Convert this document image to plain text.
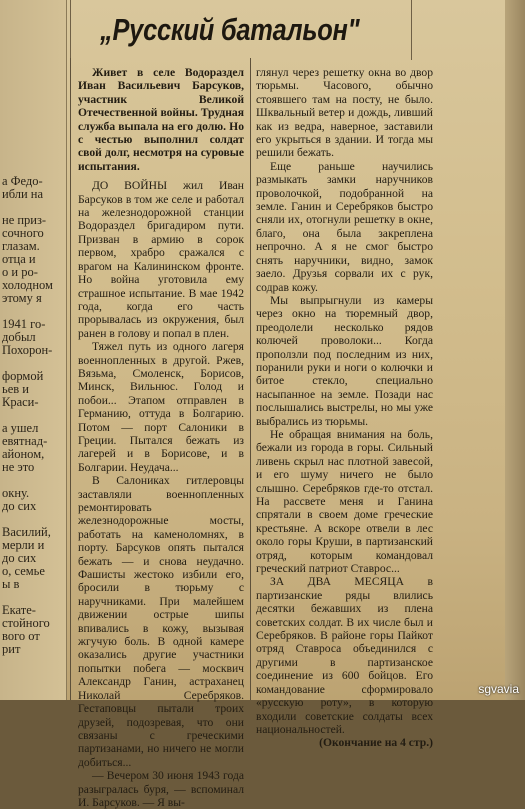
а Федо-
ибли на

не приз-
сочного
глазам.
отца и
о и ро-
холодном
этому я

1941 го-
добыл
Похорон-

формой
ьев и
Краси-

а ушел
евятнад-
айоном,
не это

окну.
до сих

Василий,
мерли и
до сих
о, семье
ы в

Екате-
стойного
вого от
рит
„Русский батальон"

Живет в селе Водораздел Иван Васильевич Барсуков, участник Великой Отечественной войны. Трудная служба выпала на его долю. Но с честью выполнил солдат свой долг, несмотря на суровые испытания.

ДО ВОЙНЫ жил Иван Барсуков в том же селе и работал на железнодорожной станции Водораздел бригадиром пути. Призван в армию в сорок первом, храбро сражался с врагом на Калининском фронте. Но война уготовила ему страшное испытание. В мае 1942 года, когда его часть прорывалась из окружения, был ранен в голову и попал в плен.

Тяжел путь из одного лагеря военнопленных в другой. Ржев, Вязьма, Смоленск, Борисов, Минск, Вильнюс. Голод и побои... Этапом отправлен в Германию, оттуда в Болгарию. Потом — порт Салоники в Греции. Пытался бежать из лагерей и в Борисове, и в Болгарии. Неудача...

В Салониках гитлеровцы заставляли военнопленных ремонтировать железнодорожные мосты, работать на каменоломнях, в порту. Барсуков опять пытался бежать — и снова неудачно. Фашисты жестоко избили его, бросили в тюрьму с наручниками. При малейшем движении острые шипы впивались в кожу, вызывая жгучую боль. В одной камере оказались другие участники попытки побега — москвич Александр Ганин, астраханец Николай Серебряков. Гестаповцы пытали троих друзей, подозревая, что они связаны с греческими партизанами, но ничего не могли добиться...

— Вечером 30 июня 1943 года разыгралась буря, — вспоминал И. Барсуков. — Я вы-

глянул через решетку окна во двор тюрьмы. Часового, обычно стоявшего там на посту, не было. Шквальный ветер и дождь, ливший как из ведра, наверное, заставили его укрыться в здании. И тогда мы решили бежать.

Еще раньше научились размыкать замки наручников проволочкой, подобранной на земле. Ганин и Серебряков быстро сняли их, отогнули решетку в окне, благо, она была закреплена непрочно. А я не смог быстро снять наручники, видно, замок заело. Друзья сорвали их с рук, содрав кожу.

Мы выпрыгнули из камеры через окно на тюремный двор, преодолели несколько рядов колючей проволоки... Когда проползли под последним из них, поранили руки и ноги о колючки и битое стекло, специально насыпанное на земле. Позади нас послышались выстрелы, но мы уже выбрались из тюрьмы.

Не обращая внимания на боль, бежали из города в горы. Сильный ливень скрыл нас плотной завесой, и его шуму ничего не было слышно. Серебряков где-то отстал. На рассвете меня и Ганина спрятали в своем доме греческие крестьяне. А вскоре отвели в лес около горы Круши, в партизанский отряд, которым командовал греческий патриот Ставрос...

ЗА ДВА МЕСЯЦА в партизанские ряды влились десятки бежавших из плена советских солдат. В их числе был и Серебряков. В районе горы Пайкот отряд Ставроса объединился с другими в партизанское соединение из 600 бойцов. Его командование сформировало «русскую роту», в которую входили советские солдаты всех национальностей.

(Окончание на 4 стр.)

sgvavia
